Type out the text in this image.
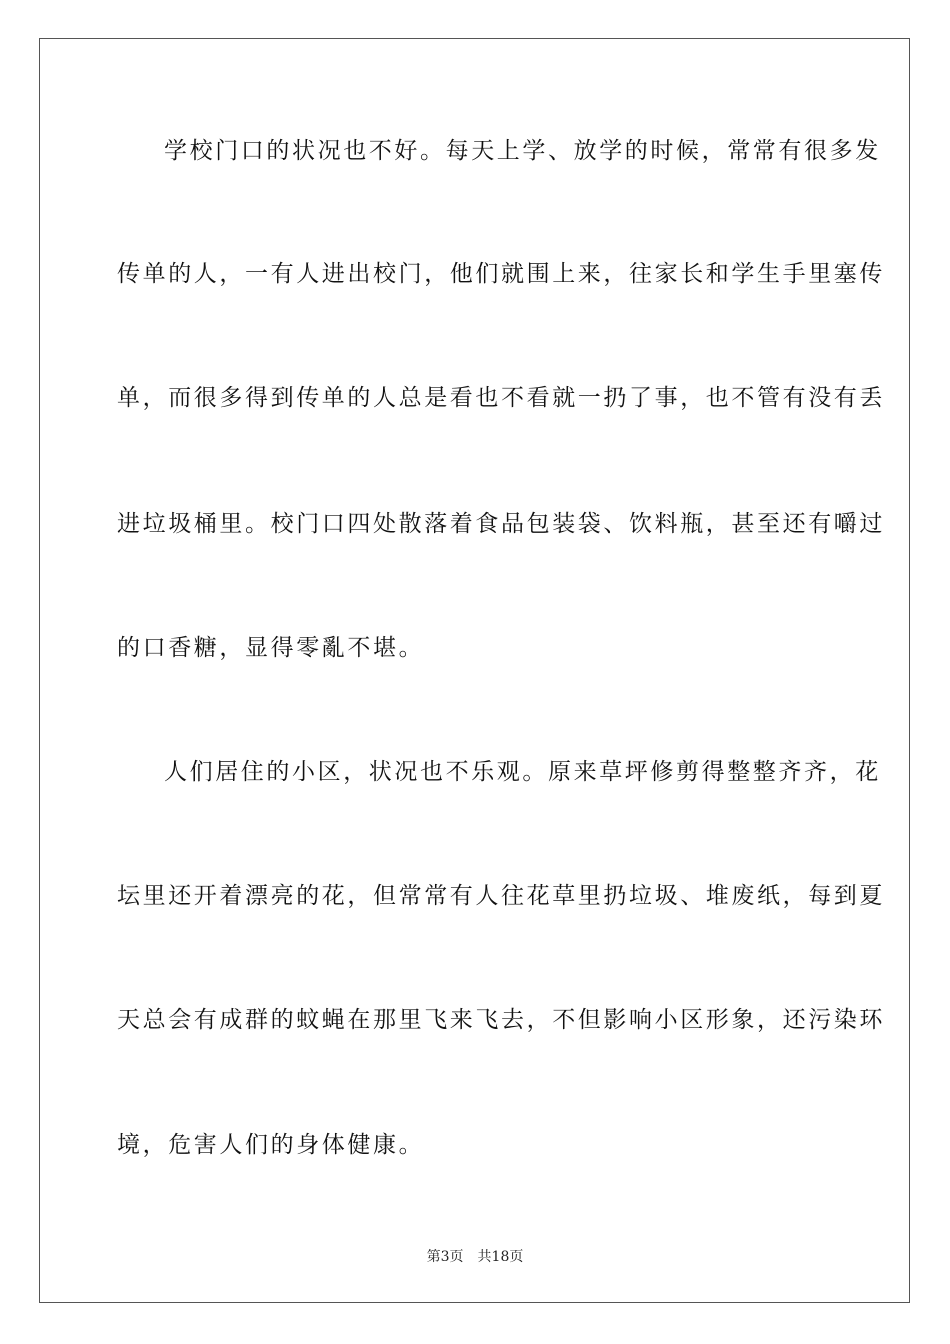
学校门口的状况也不好。每天上学、放学的时候，常常有很多发
传单的人，一有人进出校门，他们就围上来，往家长和学生手里塞传
单，而很多得到传单的人总是看也不看就一扔了事，也不管有没有丢
进垃圾桶里。校门口四处散落着食品包装袋、饮料瓶，甚至还有嚼过
的口香糖，显得零亂不堪。
人们居住的小区，状况也不乐观。原来草坪修剪得整整齐齐，花
坛里还开着漂亮的花，但常常有人往花草里扔垃圾、堆废纸，每到夏
天总会有成群的蚊蝇在那里飞来飞去，不但影响小区形象，还污染环
境，危害人们的身体健康。
第3页 共18页
